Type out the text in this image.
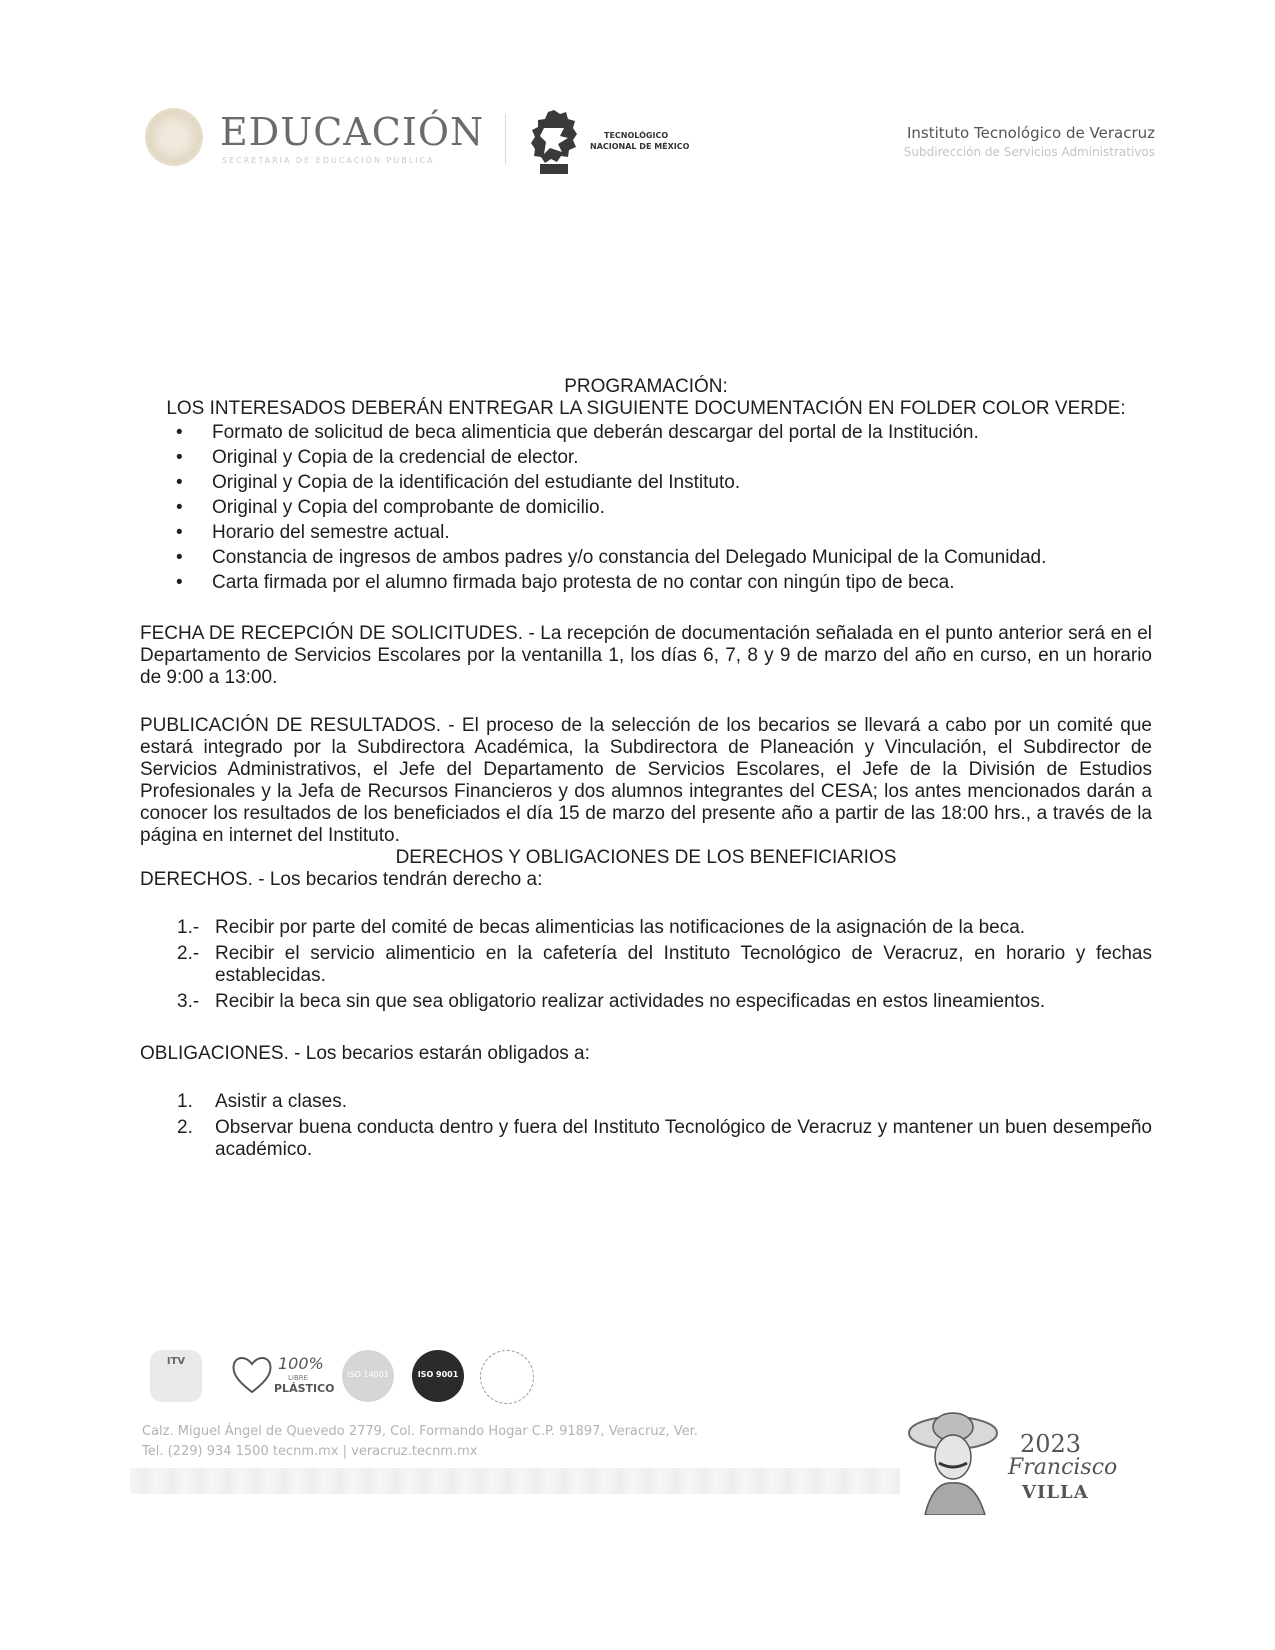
EDUCACIÓN
SECRETARÍA DE EDUCACIÓN PÚBLICA
TECNOLÓGICO
NACIONAL DE MÉXICO
Instituto Tecnológico de Veracruz
Subdirección de Servicios Administrativos
PROGRAMACIÓN:
LOS INTERESADOS DEBERÁN ENTREGAR LA SIGUIENTE DOCUMENTACIÓN EN FOLDER COLOR VERDE:
• Formato de solicitud de beca alimenticia que deberán descargar del portal de la Institución.
• Original y Copia de la credencial de elector.
• Original y Copia de la identificación del estudiante del Instituto.
• Original y Copia del comprobante de domicilio.
• Horario del semestre actual.
• Constancia de ingresos de ambos padres y/o constancia del Delegado Municipal de la Comunidad.
• Carta firmada por el alumno firmada bajo protesta de no contar con ningún tipo de beca.

FECHA DE RECEPCIÓN DE SOLICITUDES. - La recepción de documentación señalada en el punto anterior será en el Departamento de Servicios Escolares por la ventanilla 1, los días 6, 7, 8 y 9 de marzo del año en curso, en un horario de 9:00 a 13:00.

PUBLICACIÓN DE RESULTADOS. - El proceso de la selección de los becarios se llevará a cabo por un comité que estará integrado por la Subdirectora Académica, la Subdirectora de Planeación y Vinculación, el Subdirector de Servicios Administrativos, el Jefe del Departamento de Servicios Escolares, el Jefe de la División de Estudios Profesionales y la Jefa de Recursos Financieros y dos alumnos integrantes del CESA; los antes mencionados darán a conocer los resultados de los beneficiados el día 15 de marzo del presente año a partir de las 18:00 hrs., a través de la página en internet del Instituto.

DERECHOS Y OBLIGACIONES DE LOS BENEFICIARIOS

DERECHOS. - Los becarios tendrán derecho a:

1.- Recibir por parte del comité de becas alimenticias las notificaciones de la asignación de la beca.
2.- Recibir el servicio alimenticio en la cafetería del Instituto Tecnológico de Veracruz, en horario y fechas establecidas.
3.- Recibir la beca sin que sea obligatorio realizar actividades no especificadas en estos lineamientos.

OBLIGACIONES. - Los becarios estarán obligados a:

1. Asistir a clases.
2. Observar buena conducta dentro y fuera del Instituto Tecnológico de Veracruz y mantener un buen desempeño académico.
ITV	100%
LIBRE
PLÁSTICO
ISO 14001	ISO 9001
Calz. Miguel Ángel de Quevedo 2779, Col. Formando Hogar C.P. 91897, Veracruz, Ver.
Tel. (229) 934 1500 tecnm.mx | veracruz.tecnm.mx	2023
Francisco
VILLA
